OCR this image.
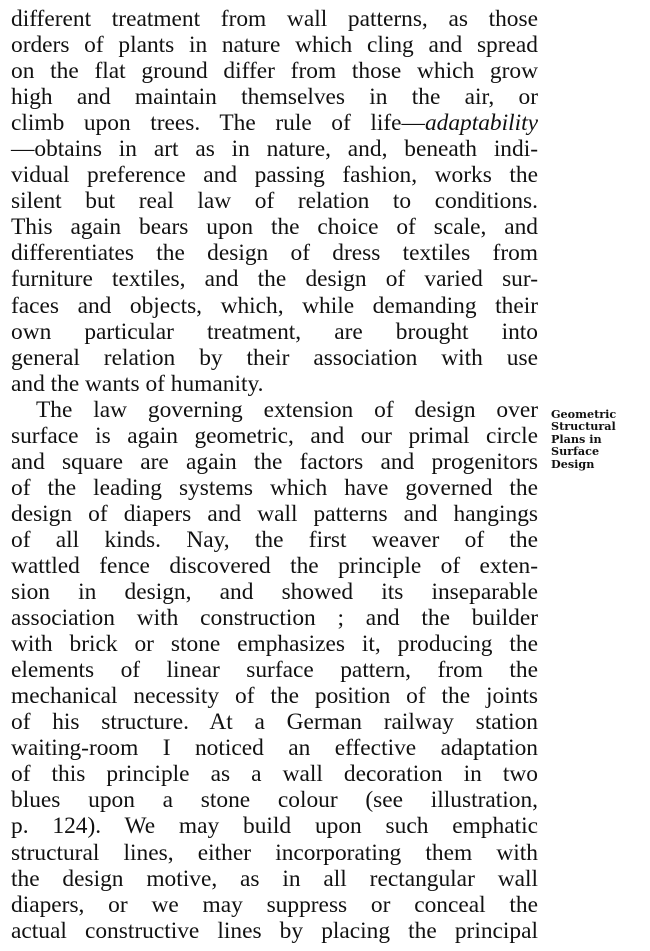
different treatment from wall patterns, as those
orders of plants in nature which cling and spread
on the flat ground differ from those which grow
high and maintain themselves in the air, or
climb upon trees. The rule of life—adaptability
—obtains in art as in nature, and, beneath indi-
vidual preference and passing fashion, works the
silent but real law of relation to conditions.
This again bears upon the choice of scale, and
differentiates the design of dress textiles from
furniture textiles, and the design of varied sur-
faces and objects, which, while demanding their
own particular treatment, are brought into
general relation by their association with use
and the wants of humanity.
The law governing extension of design over
surface is again geometric, and our primal circle
and square are again the factors and progenitors
of the leading systems which have governed the
design of diapers and wall patterns and hangings
of all kinds. Nay, the first weaver of the
wattled fence discovered the principle of exten-
sion in design, and showed its inseparable
association with construction ; and the builder
with brick or stone emphasizes it, producing the
elements of linear surface pattern, from the
mechanical necessity of the position of the joints
of his structure. At a German railway station
waiting-room I noticed an effective adaptation
of this principle as a wall decoration in two
blues upon a stone colour (see illustration,
p. 124). We may build upon such emphatic
structural lines, either incorporating them with
the design motive, as in all rectangular wall
diapers, or we may suppress or conceal the
actual constructive lines by placing the principal
Geometric
Structural
Plans in
Surface
Design
